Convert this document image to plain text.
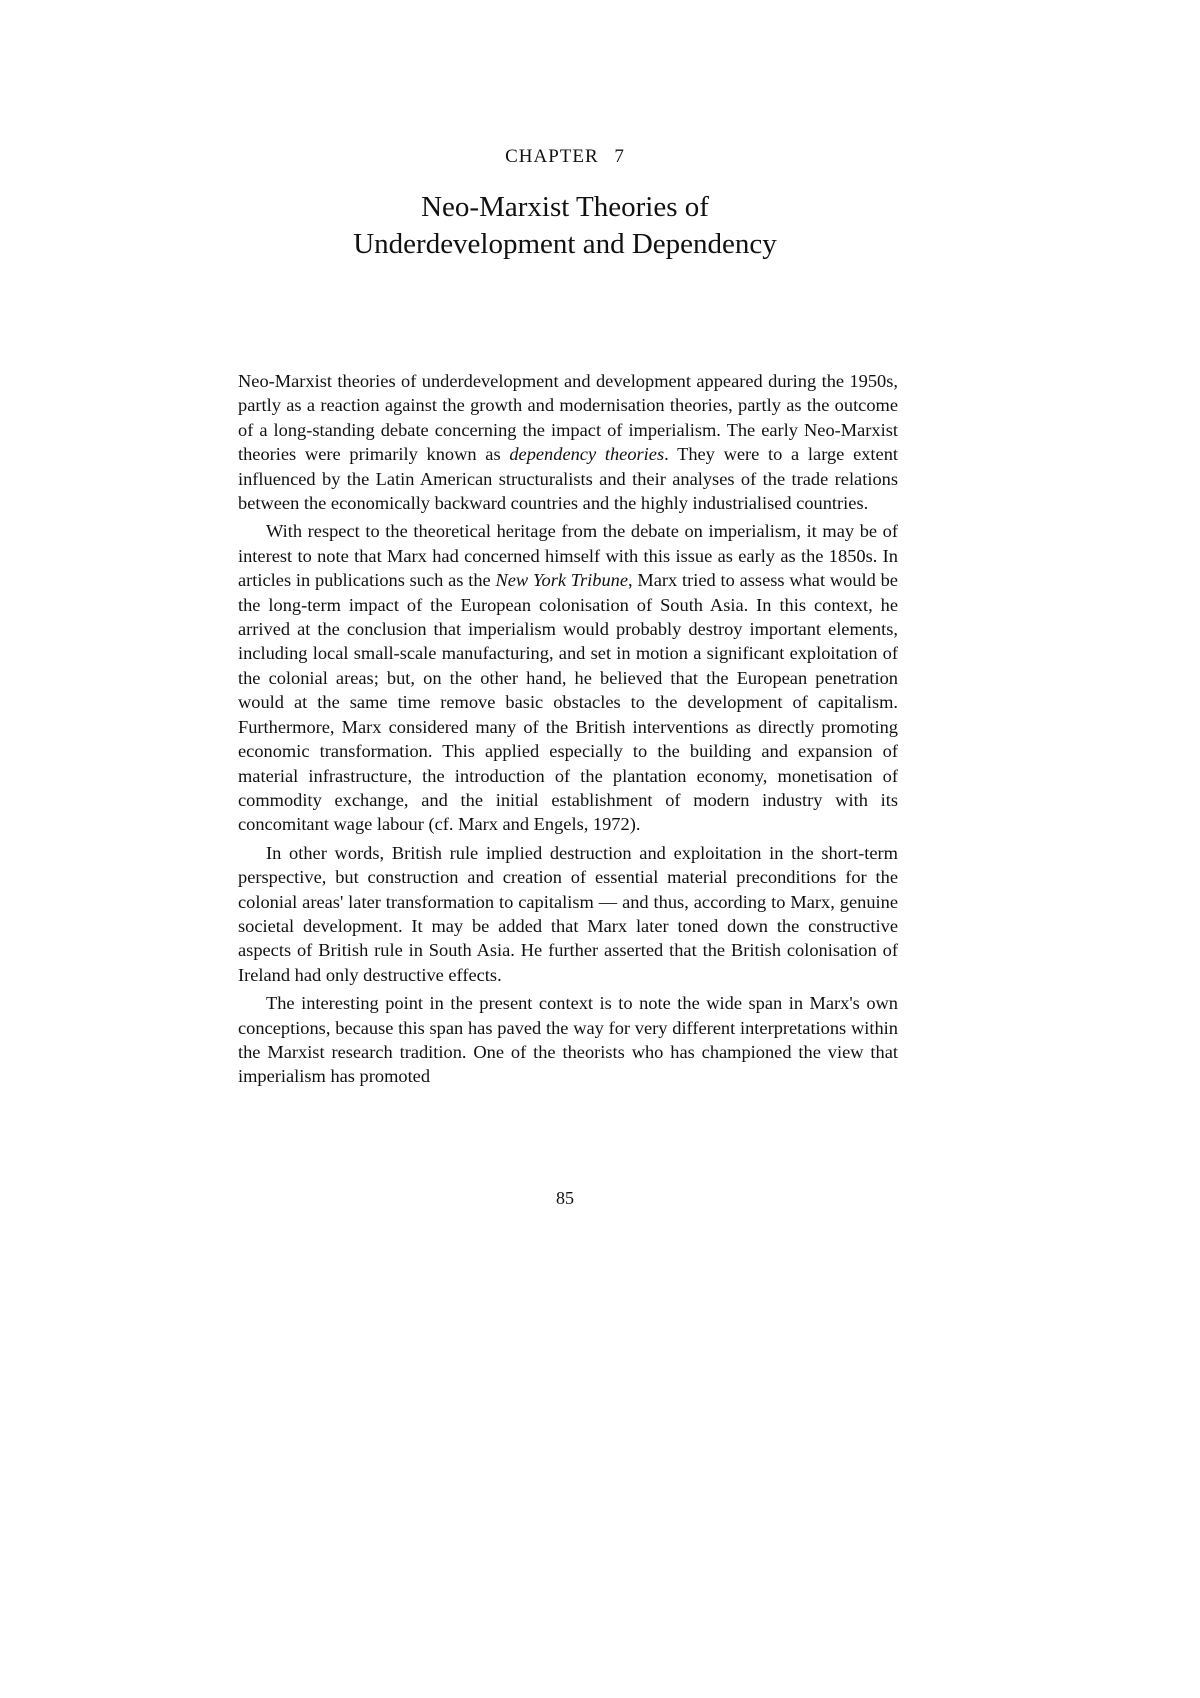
CHAPTER 7
Neo-Marxist Theories of
Underdevelopment and Dependency

Neo-Marxist theories of underdevelopment and development appeared during the 1950s, partly as a reaction against the growth and modernisation theories, partly as the outcome of a long-standing debate concerning the impact of imperialism. The early Neo-Marxist theories were primarily known as dependency theories. They were to a large extent influenced by the Latin American structuralists and their analyses of the trade relations between the economically backward countries and the highly industrialised countries.

With respect to the theoretical heritage from the debate on imperialism, it may be of interest to note that Marx had concerned himself with this issue as early as the 1850s. In articles in publications such as the New York Tribune, Marx tried to assess what would be the long-term impact of the European colonisation of South Asia. In this context, he arrived at the conclusion that imperialism would probably destroy important elements, including local small-scale manufacturing, and set in motion a significant exploitation of the colonial areas; but, on the other hand, he believed that the European penetration would at the same time remove basic obstacles to the development of capitalism. Furthermore, Marx considered many of the British interventions as directly promoting economic transformation. This applied especially to the building and expansion of material infrastructure, the introduction of the plantation economy, monetisation of commodity exchange, and the initial establishment of modern industry with its concomitant wage labour (cf. Marx and Engels, 1972).

In other words, British rule implied destruction and exploitation in the short-term perspective, but construction and creation of essential material preconditions for the colonial areas' later transformation to capitalism — and thus, according to Marx, genuine societal development. It may be added that Marx later toned down the constructive aspects of British rule in South Asia. He further asserted that the British colonisation of Ireland had only destructive effects.

The interesting point in the present context is to note the wide span in Marx's own conceptions, because this span has paved the way for very different interpretations within the Marxist research tradition. One of the theorists who has championed the view that imperialism has promoted

85
